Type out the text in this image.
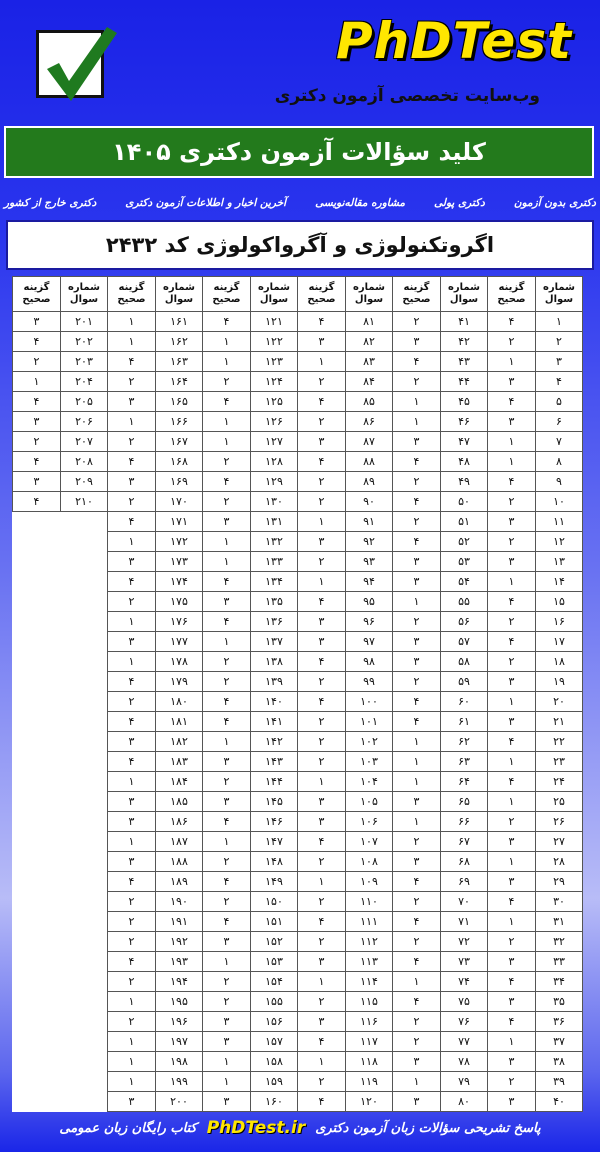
PhDTest
وب‌سایت تخصصی آزمون دکتری
کلید سؤالات آزمون دکتری ۱۴۰۵
دکتری بدون آزمون
دکتری پولی
مشاوره مقاله‌نویسی
آخرین اخبار و اطلاعات آزمون دکتری
دکتری خارج از کشور
اگروتکنولوژی و آگرواکولوژی کد ۲۴۳۲
شماره سوال	گزینه صحیح	شماره سوال	گزینه صحیح	شماره سوال	گزینه صحیح	شماره سوال	گزینه صحیح	شماره سوال	گزینه صحیح	شماره سوال	گزینه صحیح
۱	۴	۴۱	۲	۸۱	۴	۱۲۱	۴	۱۶۱	۱	۲۰۱	۳
۲	۲	۴۲	۳	۸۲	۳	۱۲۲	۱	۱۶۲	۱	۲۰۲	۴
۳	۱	۴۳	۴	۸۳	۱	۱۲۳	۱	۱۶۳	۴	۲۰۳	۲
۴	۳	۴۴	۲	۸۴	۲	۱۲۴	۲	۱۶۴	۲	۲۰۴	۱
۵	۴	۴۵	۱	۸۵	۴	۱۲۵	۴	۱۶۵	۳	۲۰۵	۴
۶	۳	۴۶	۱	۸۶	۲	۱۲۶	۱	۱۶۶	۱	۲۰۶	۳
۷	۱	۴۷	۳	۸۷	۳	۱۲۷	۱	۱۶۷	۲	۲۰۷	۲
۸	۱	۴۸	۴	۸۸	۴	۱۲۸	۲	۱۶۸	۴	۲۰۸	۴
۹	۴	۴۹	۲	۸۹	۲	۱۲۹	۴	۱۶۹	۳	۲۰۹	۳
۱۰	۲	۵۰	۴	۹۰	۲	۱۳۰	۲	۱۷۰	۲	۲۱۰	۴
۱۱	۳	۵۱	۲	۹۱	۱	۱۳۱	۳	۱۷۱	۴		
۱۲	۲	۵۲	۴	۹۲	۳	۱۳۲	۱	۱۷۲	۱		
۱۳	۳	۵۳	۳	۹۳	۲	۱۳۳	۱	۱۷۳	۳		
۱۴	۱	۵۴	۳	۹۴	۱	۱۳۴	۴	۱۷۴	۴		
۱۵	۴	۵۵	۱	۹۵	۴	۱۳۵	۳	۱۷۵	۲		
۱۶	۲	۵۶	۲	۹۶	۳	۱۳۶	۴	۱۷۶	۱		
۱۷	۴	۵۷	۳	۹۷	۳	۱۳۷	۱	۱۷۷	۳		
۱۸	۲	۵۸	۳	۹۸	۴	۱۳۸	۲	۱۷۸	۱		
۱۹	۳	۵۹	۲	۹۹	۲	۱۳۹	۲	۱۷۹	۴		
۲۰	۱	۶۰	۴	۱۰۰	۴	۱۴۰	۴	۱۸۰	۲		
۲۱	۳	۶۱	۴	۱۰۱	۲	۱۴۱	۴	۱۸۱	۴		
۲۲	۴	۶۲	۱	۱۰۲	۲	۱۴۲	۱	۱۸۲	۳		
۲۳	۱	۶۳	۱	۱۰۳	۲	۱۴۳	۳	۱۸۳	۴		
۲۴	۴	۶۴	۱	۱۰۴	۱	۱۴۴	۲	۱۸۴	۱		
۲۵	۱	۶۵	۳	۱۰۵	۳	۱۴۵	۳	۱۸۵	۳		
۲۶	۲	۶۶	۱	۱۰۶	۳	۱۴۶	۴	۱۸۶	۳		
۲۷	۳	۶۷	۲	۱۰۷	۴	۱۴۷	۱	۱۸۷	۱		
۲۸	۱	۶۸	۳	۱۰۸	۲	۱۴۸	۲	۱۸۸	۳		
۲۹	۳	۶۹	۴	۱۰۹	۱	۱۴۹	۴	۱۸۹	۴		
۳۰	۴	۷۰	۲	۱۱۰	۲	۱۵۰	۲	۱۹۰	۲		
۳۱	۱	۷۱	۴	۱۱۱	۴	۱۵۱	۴	۱۹۱	۲		
۳۲	۲	۷۲	۲	۱۱۲	۲	۱۵۲	۳	۱۹۲	۲		
۳۳	۳	۷۳	۴	۱۱۳	۳	۱۵۳	۱	۱۹۳	۴		
۳۴	۴	۷۴	۱	۱۱۴	۱	۱۵۴	۲	۱۹۴	۲		
۳۵	۳	۷۵	۴	۱۱۵	۲	۱۵۵	۲	۱۹۵	۱		
۳۶	۴	۷۶	۲	۱۱۶	۳	۱۵۶	۳	۱۹۶	۲		
۳۷	۱	۷۷	۲	۱۱۷	۴	۱۵۷	۳	۱۹۷	۱		
۳۸	۳	۷۸	۳	۱۱۸	۱	۱۵۸	۱	۱۹۸	۱		
۳۹	۲	۷۹	۱	۱۱۹	۲	۱۵۹	۱	۱۹۹	۱		
۴۰	۳	۸۰	۳	۱۲۰	۴	۱۶۰	۳	۲۰۰	۳		
پاسخ تشریحی سؤالات زبان آزمون دکتری
PhDTest.ir
کتاب رایگان زبان عمومی
